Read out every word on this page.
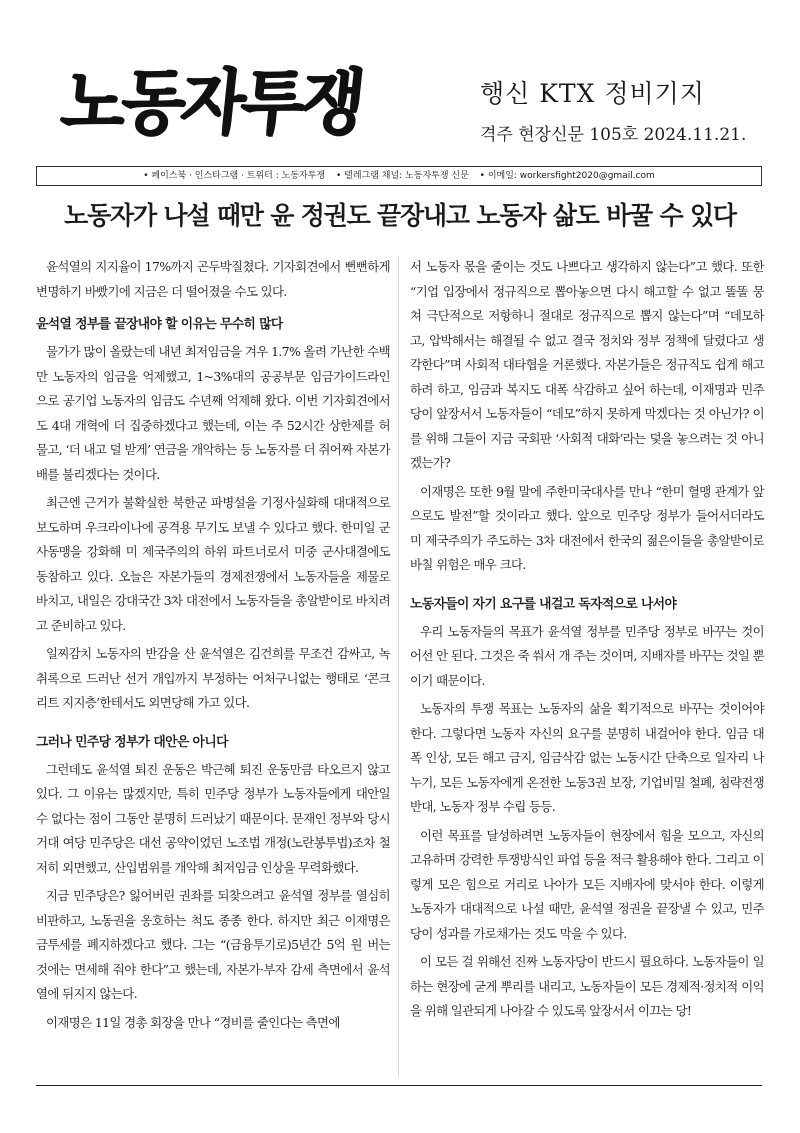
노동자투쟁	행신 KTX 정비기지
격주 현장신문 105호 2024.11.21.
• 페이스북 · 인스타그램 · 트위터 : 노동자투쟁 • 텔레그램 채널: 노동자투쟁 신문 • 이메일: workersfight2020@gmail.com
노동자가 나설 때만 윤 정권도 끝장내고 노동자 삶도 바꿀 수 있다

윤석열의 지지율이 17%까지 곤두박질쳤다. 기자회견에서 뻔뻔하게 변명하기 바빴기에 지금은 더 떨어졌을 수도 있다.

윤석열 정부를 끝장내야 할 이유는 무수히 많다

물가가 많이 올랐는데 내년 최저임금을 겨우 1.7% 올려 가난한 수백만 노동자의 임금을 억제했고, 1~3%대의 공공부문 임금가이드라인으로 공기업 노동자의 임금도 수년째 억제해 왔다. 이번 기자회견에서도 4대 개혁에 더 집중하겠다고 했는데, 이는 주 52시간 상한제를 허물고, ‘더 내고 덜 받게’ 연금을 개악하는 등 노동자를 더 쥐어짜 자본가 배를 불리겠다는 것이다.

최근엔 근거가 불확실한 북한군 파병설을 기정사실화해 대대적으로 보도하며 우크라이나에 공격용 무기도 보낼 수 있다고 했다. 한미일 군사동맹을 강화해 미 제국주의의 하위 파트너로서 미중 군사대결에도 동참하고 있다. 오늘은 자본가들의 경제전쟁에서 노동자들을 제물로 바치고, 내일은 강대국간 3차 대전에서 노동자들을 총알받이로 바치려고 준비하고 있다.

일찌감치 노동자의 반감을 산 윤석열은 김건희를 무조건 감싸고, 녹취록으로 드러난 선거 개입까지 부정하는 어처구니없는 행태로 ‘콘크리트 지지층’한테서도 외면당해 가고 있다.

그러나 민주당 정부가 대안은 아니다

그런데도 윤석열 퇴진 운동은 박근혜 퇴진 운동만큼 타오르지 않고 있다. 그 이유는 많겠지만, 특히 민주당 정부가 노동자들에게 대안일 수 없다는 점이 그동안 분명히 드러났기 때문이다. 문재인 정부와 당시 거대 여당 민주당은 대선 공약이었던 노조법 개정(노란봉투법)조차 철저히 외면했고, 산입범위를 개악해 최저임금 인상을 무력화했다.

지금 민주당은? 잃어버린 권좌를 되찾으려고 윤석열 정부를 열심히 비판하고, 노동권을 옹호하는 척도 종종 한다. 하지만 최근 이재명은 금투세를 폐지하겠다고 했다. 그는 “(금융투기로)5년간 5억 원 버는 것에는 면세해 줘야 한다”고 했는데, 자본가·부자 감세 측면에서 윤석열에 뒤지지 않는다.

이재명은 11일 경총 회장을 만나 “경비를 줄인다는 측면에

서 노동자 몫을 줄이는 것도 나쁘다고 생각하지 않는다”고 했다. 또한 “기업 입장에서 정규직으로 뽑아놓으면 다시 해고할 수 없고 똘똘 뭉쳐 극단적으로 저항하니 절대로 정규직으로 뽑지 않는다”며 “데모하고, 압박해서는 해결될 수 없고 결국 정치와 정부 정책에 달렸다고 생각한다”며 사회적 대타협을 거론했다. 자본가들은 정규직도 쉽게 해고하려 하고, 임금과 복지도 대폭 삭감하고 싶어 하는데, 이재명과 민주당이 앞장서서 노동자들이 “데모”하지 못하게 막겠다는 것 아닌가? 이를 위해 그들이 지금 국회판 ‘사회적 대화’라는 덫을 놓으려는 것 아니겠는가?

이재명은 또한 9월 말에 주한미국대사를 만나 “한미 혈맹 관계가 앞으로도 발전”할 것이라고 했다. 앞으로 민주당 정부가 들어서더라도 미 제국주의가 주도하는 3차 대전에서 한국의 젊은이들을 총알받이로 바칠 위험은 매우 크다.

노동자들이 자기 요구를 내걸고 독자적으로 나서야

우리 노동자들의 목표가 윤석열 정부를 민주당 정부로 바꾸는 것이어선 안 된다. 그것은 죽 쒀서 개 주는 것이며, 지배자를 바꾸는 것일 뿐이기 때문이다.

노동자의 투쟁 목표는 노동자의 삶을 획기적으로 바꾸는 것이어야 한다. 그렇다면 노동자 자신의 요구를 분명히 내걸어야 한다. 임금 대폭 인상, 모든 해고 금지, 임금삭감 없는 노동시간 단축으로 일자리 나누기, 모든 노동자에게 온전한 노동3권 보장, 기업비밀 철폐, 침략전쟁 반대, 노동자 정부 수립 등등.

이런 목표를 달성하려면 노동자들이 현장에서 힘을 모으고, 자신의 고유하며 강력한 투쟁방식인 파업 등을 적극 활용해야 한다. 그리고 이렇게 모은 힘으로 거리로 나아가 모든 지배자에 맞서야 한다. 이렇게 노동자가 대대적으로 나설 때만, 윤석열 정권을 끝장낼 수 있고, 민주당이 성과를 가로채가는 것도 막을 수 있다.

이 모든 걸 위해선 진짜 노동자당이 반드시 필요하다. 노동자들이 일하는 현장에 굳게 뿌리를 내리고, 노동자들이 모든 경제적·정치적 이익을 위해 일관되게 나아갈 수 있도록 앞장서서 이끄는 당!
